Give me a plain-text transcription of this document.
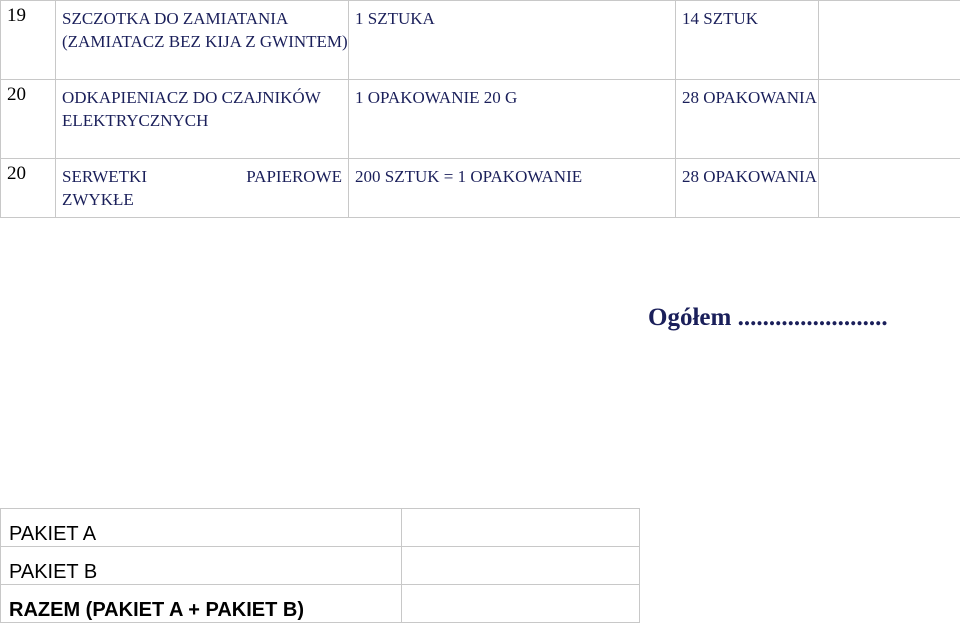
19	SZCZOTKA DO ZAMIATANIA (ZAMIATACZ BEZ KIJA Z GWINTEM)	1 SZTUKA	14 SZTUK	

20	ODKAPIENIACZ DO CZAJNIKÓW ELEKTRYCZNYCH	1 OPAKOWANIE 20 G	28 OPAKOWANIA	

20	SERWETKI PAPIEROWE
ZWYKŁE	200 SZTUK = 1 OPAKOWANIE	28 OPAKOWANIA	

Ogółem ........................
PAKIET A	
PAKIET B	
RAZEM (PAKIET A + PAKIET B)	
